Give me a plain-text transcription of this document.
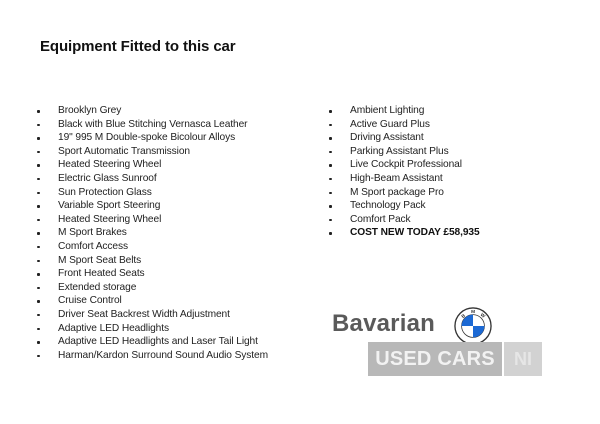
Equipment Fitted to this car
Brooklyn Grey
Black with Blue Stitching Vernasca Leather
19" 995 M Double-spoke Bicolour Alloys
Sport Automatic Transmission
Heated Steering Wheel
Electric Glass Sunroof
Sun Protection Glass
Variable Sport Steering
Heated Steering Wheel
M Sport Brakes
Comfort Access
M Sport Seat Belts
Front Heated Seats
Extended storage
Cruise Control
Driver Seat Backrest Width Adjustment
Adaptive LED Headlights
Adaptive LED Headlights and Laser Tail Light
Harman/Kardon Surround Sound Audio System
Ambient Lighting
Active Guard Plus
Driving Assistant
Parking Assistant Plus
Live Cockpit Professional
High-Beam Assistant
M Sport package Pro
Technology Pack
Comfort Pack
COST NEW TODAY £58,935
Bavarian	B
M
W
USED CARS	NI
